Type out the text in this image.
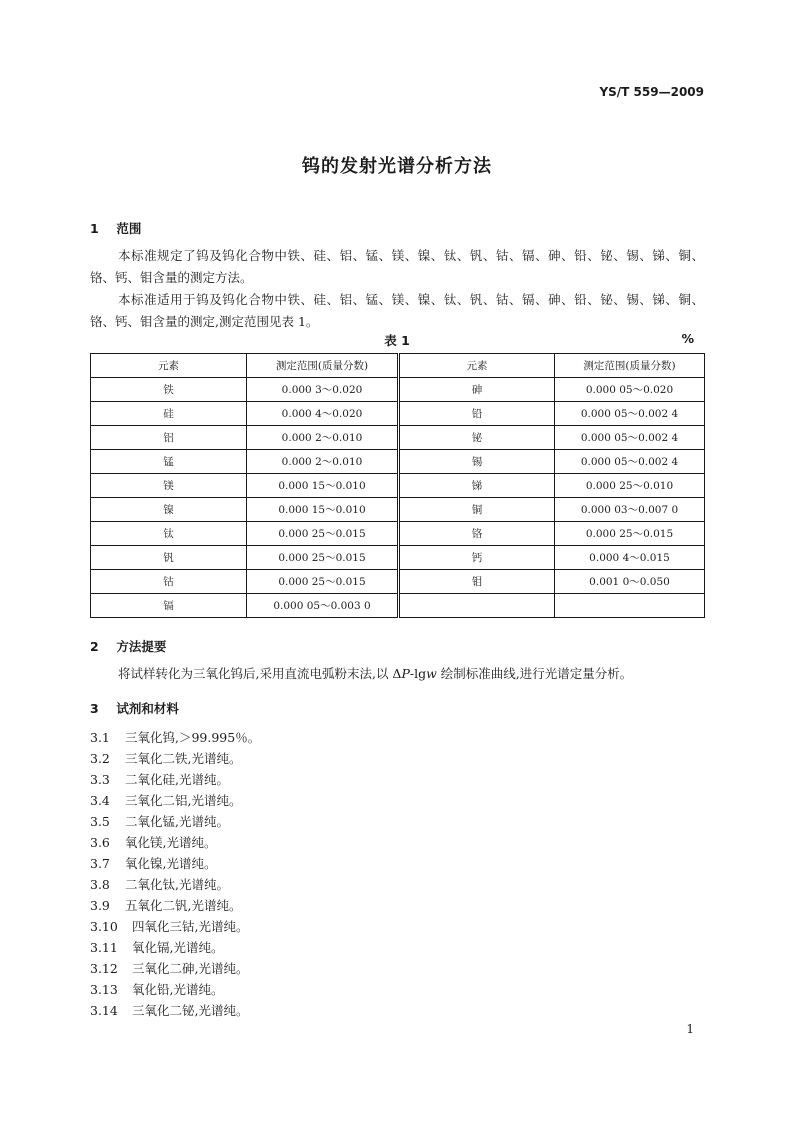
YS/T 559—2009
钨的发射光谱分析方法
1 范围
本标准规定了钨及钨化合物中铁、硅、铝、锰、镁、镍、钛、钒、钴、镉、砷、铅、铋、锡、锑、铜、铬、钙、钼含量的测定方法。
本标准适用于钨及钨化合物中铁、硅、铝、锰、镁、镍、钛、钒、钴、镉、砷、铅、铋、锡、锑、铜、铬、钙、钼含量的测定,测定范围见表 1。
表 1	%
元素	测定范围(质量分数)	元素	测定范围(质量分数)
铁	0.000 3～0.020	砷	0.000 05～0.020
硅	0.000 4～0.020	铅	0.000 05～0.002 4
铝	0.000 2～0.010	铋	0.000 05～0.002 4
锰	0.000 2～0.010	锡	0.000 05～0.002 4
镁	0.000 15～0.010	锑	0.000 25～0.010
镍	0.000 15～0.010	铜	0.000 03～0.007 0
钛	0.000 25～0.015	铬	0.000 25～0.015
钒	0.000 25～0.015	钙	0.000 4～0.015
钴	0.000 25～0.015	钼	0.001 0～0.050
镉	0.000 05～0.003 0		
2 方法提要
将试样转化为三氧化钨后,采用直流电弧粉末法,以 ΔP-lgw 绘制标准曲线,进行光谱定量分析。
3 试剂和材料
3.1 三氧化钨,＞99.995％。
3.2 三氧化二铁,光谱纯。
3.3 二氧化硅,光谱纯。
3.4 三氧化二铝,光谱纯。
3.5 二氧化锰,光谱纯。
3.6 氧化镁,光谱纯。
3.7 氧化镍,光谱纯。
3.8 二氧化钛,光谱纯。
3.9 五氧化二钒,光谱纯。
3.10 四氧化三钴,光谱纯。
3.11 氧化镉,光谱纯。
3.12 三氧化二砷,光谱纯。
3.13 氧化铅,光谱纯。
3.14 三氧化二铋,光谱纯。
1
